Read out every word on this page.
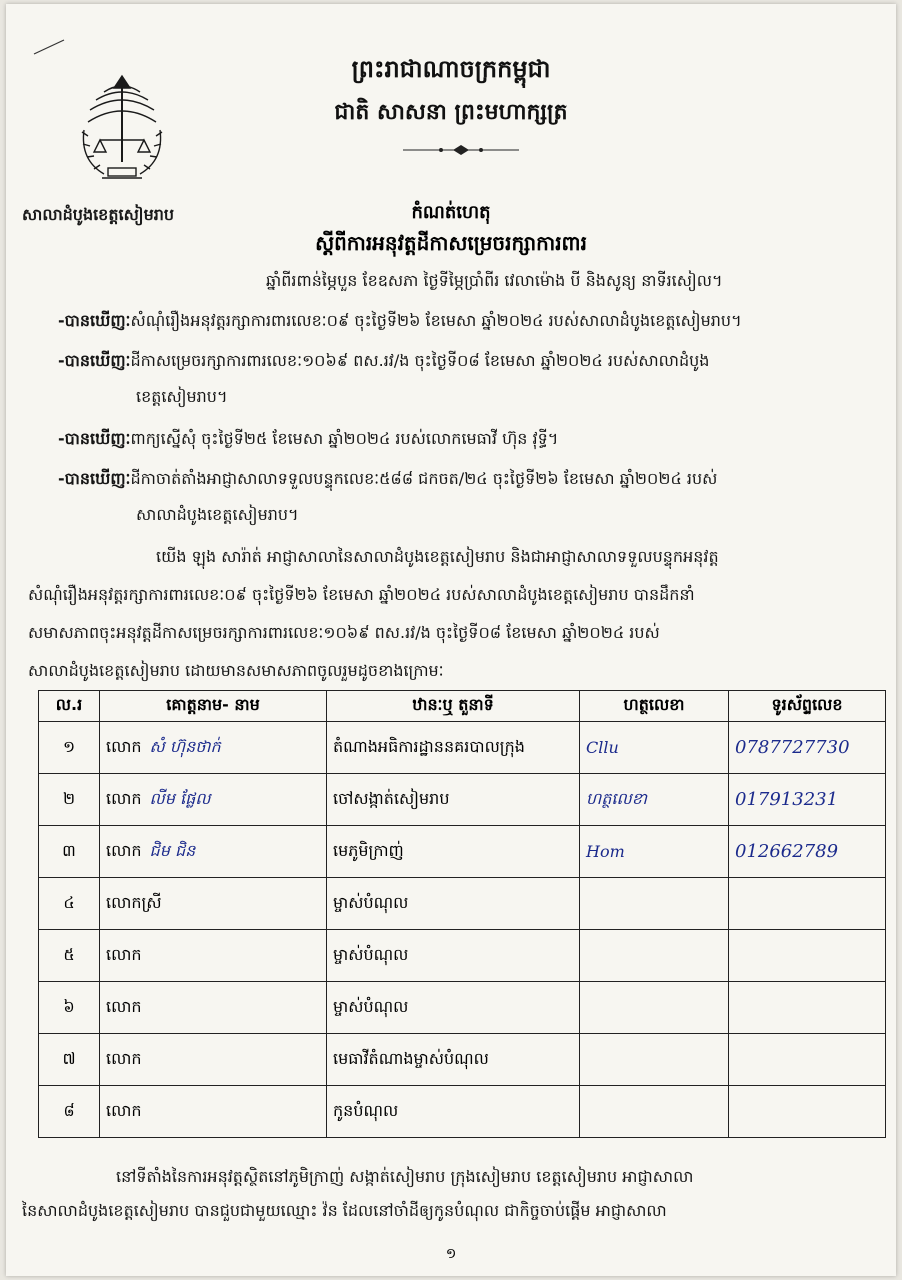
សាលាដំបូងខេត្តសៀមរាប
ព្រះរាជាណាចក្រកម្ពុជា
ជាតិ សាសនា ព្រះមហាក្សត្រ
កំណត់ហេតុ
ស្តីពីការអនុវត្តដីកាសម្រេចរក្សាការពារ
ឆ្នាំពីរពាន់ម្ភៃបួន ខែឧសភា ថ្ងៃទីម្ភៃប្រាំពីរ វេលាម៉ោង បី និងសូន្យ នាទីរសៀល។
-បានឃើញៈសំណុំរឿងអនុវត្តរក្សាការពារលេខៈ០៩ ចុះថ្ងៃទី២៦ ខែមេសា ឆ្នាំ២០២៤ របស់សាលាដំបូងខេត្តសៀមរាប។
-បានឃើញៈដីកាសម្រេចរក្សាការពារលេខៈ១០៦៩ ពស.រវ/ង ចុះថ្ងៃទី០៨ ខែមេសា ឆ្នាំ២០២៤ របស់សាលាដំបូង
ខេត្តសៀមរាប។
-បានឃើញៈពាក្យស្នើសុំ ចុះថ្ងៃទី២៥ ខែមេសា ឆ្នាំ២០២៤ របស់លោកមេធាវី ហ៊ុន វុទ្ធី។
-បានឃើញៈដីកាចាត់តាំងអាជ្ញាសាលាទទួលបន្ទុកលេខៈ៥៨៨ ជកចត/២៤ ចុះថ្ងៃទី២៦ ខែមេសា ឆ្នាំ២០២៤ របស់
សាលាដំបូងខេត្តសៀមរាប។
យើង ឡុង សារ៉ាត់ អាជ្ញាសាលានៃសាលាដំបូងខេត្តសៀមរាប និងជាអាជ្ញាសាលាទទួលបន្ទុកអនុវត្ត
សំណុំរឿងអនុវត្តរក្សាការពារលេខៈ០៩ ចុះថ្ងៃទី២៦ ខែមេសា ឆ្នាំ២០២៤ របស់សាលាដំបូងខេត្តសៀមរាប បានដឹកនាំ
សមាសភាពចុះអនុវត្តដីកាសម្រេចរក្សាការពារលេខៈ១០៦៩ ពស.រវ/ង ចុះថ្ងៃទី០៨ ខែមេសា ឆ្នាំ២០២៤ របស់
សាលាដំបូងខេត្តសៀមរាប ដោយមានសមាសភាពចូលរួមដូចខាងក្រោមៈ
ល.រ	គោត្តនាម- នាម	ឋានៈឬ តួនាទី	ហត្ថលេខា	ទូរស័ព្ទលេខ
១	លោក សំ ហ៊ុនថាក់	តំណាងអធិការដ្ឋាននគរបាលក្រុង	Cllu	0787727730
២	លោក លីម ផ្លែល	ចៅសង្កាត់សៀមរាប	ហត្ថលេខា	017913231
៣	លោក ជិម ជិន	មេភូមិក្រាញ់	Hom	012662789
៤	លោកស្រី	ម្ចាស់បំណុល		
៥	លោក	ម្ចាស់បំណុល		
៦	លោក	ម្ចាស់បំណុល		
៧	លោក	មេធាវីតំណាងម្ចាស់បំណុល		
៨	លោក	កូនបំណុល		
នៅទីតាំងនៃការអនុវត្តស្ថិតនៅភូមិក្រាញ់ សង្កាត់សៀមរាប ក្រុងសៀមរាប ខេត្តសៀមរាប អាជ្ញាសាលា
នៃសាលាដំបូងខេត្តសៀមរាប បានជួបជាមួយឈ្មោះ វ៉ន ដែលនៅចាំដីឲ្យកូនបំណុល ជាកិច្ចចាប់ផ្តើម អាជ្ញាសាលា
១
